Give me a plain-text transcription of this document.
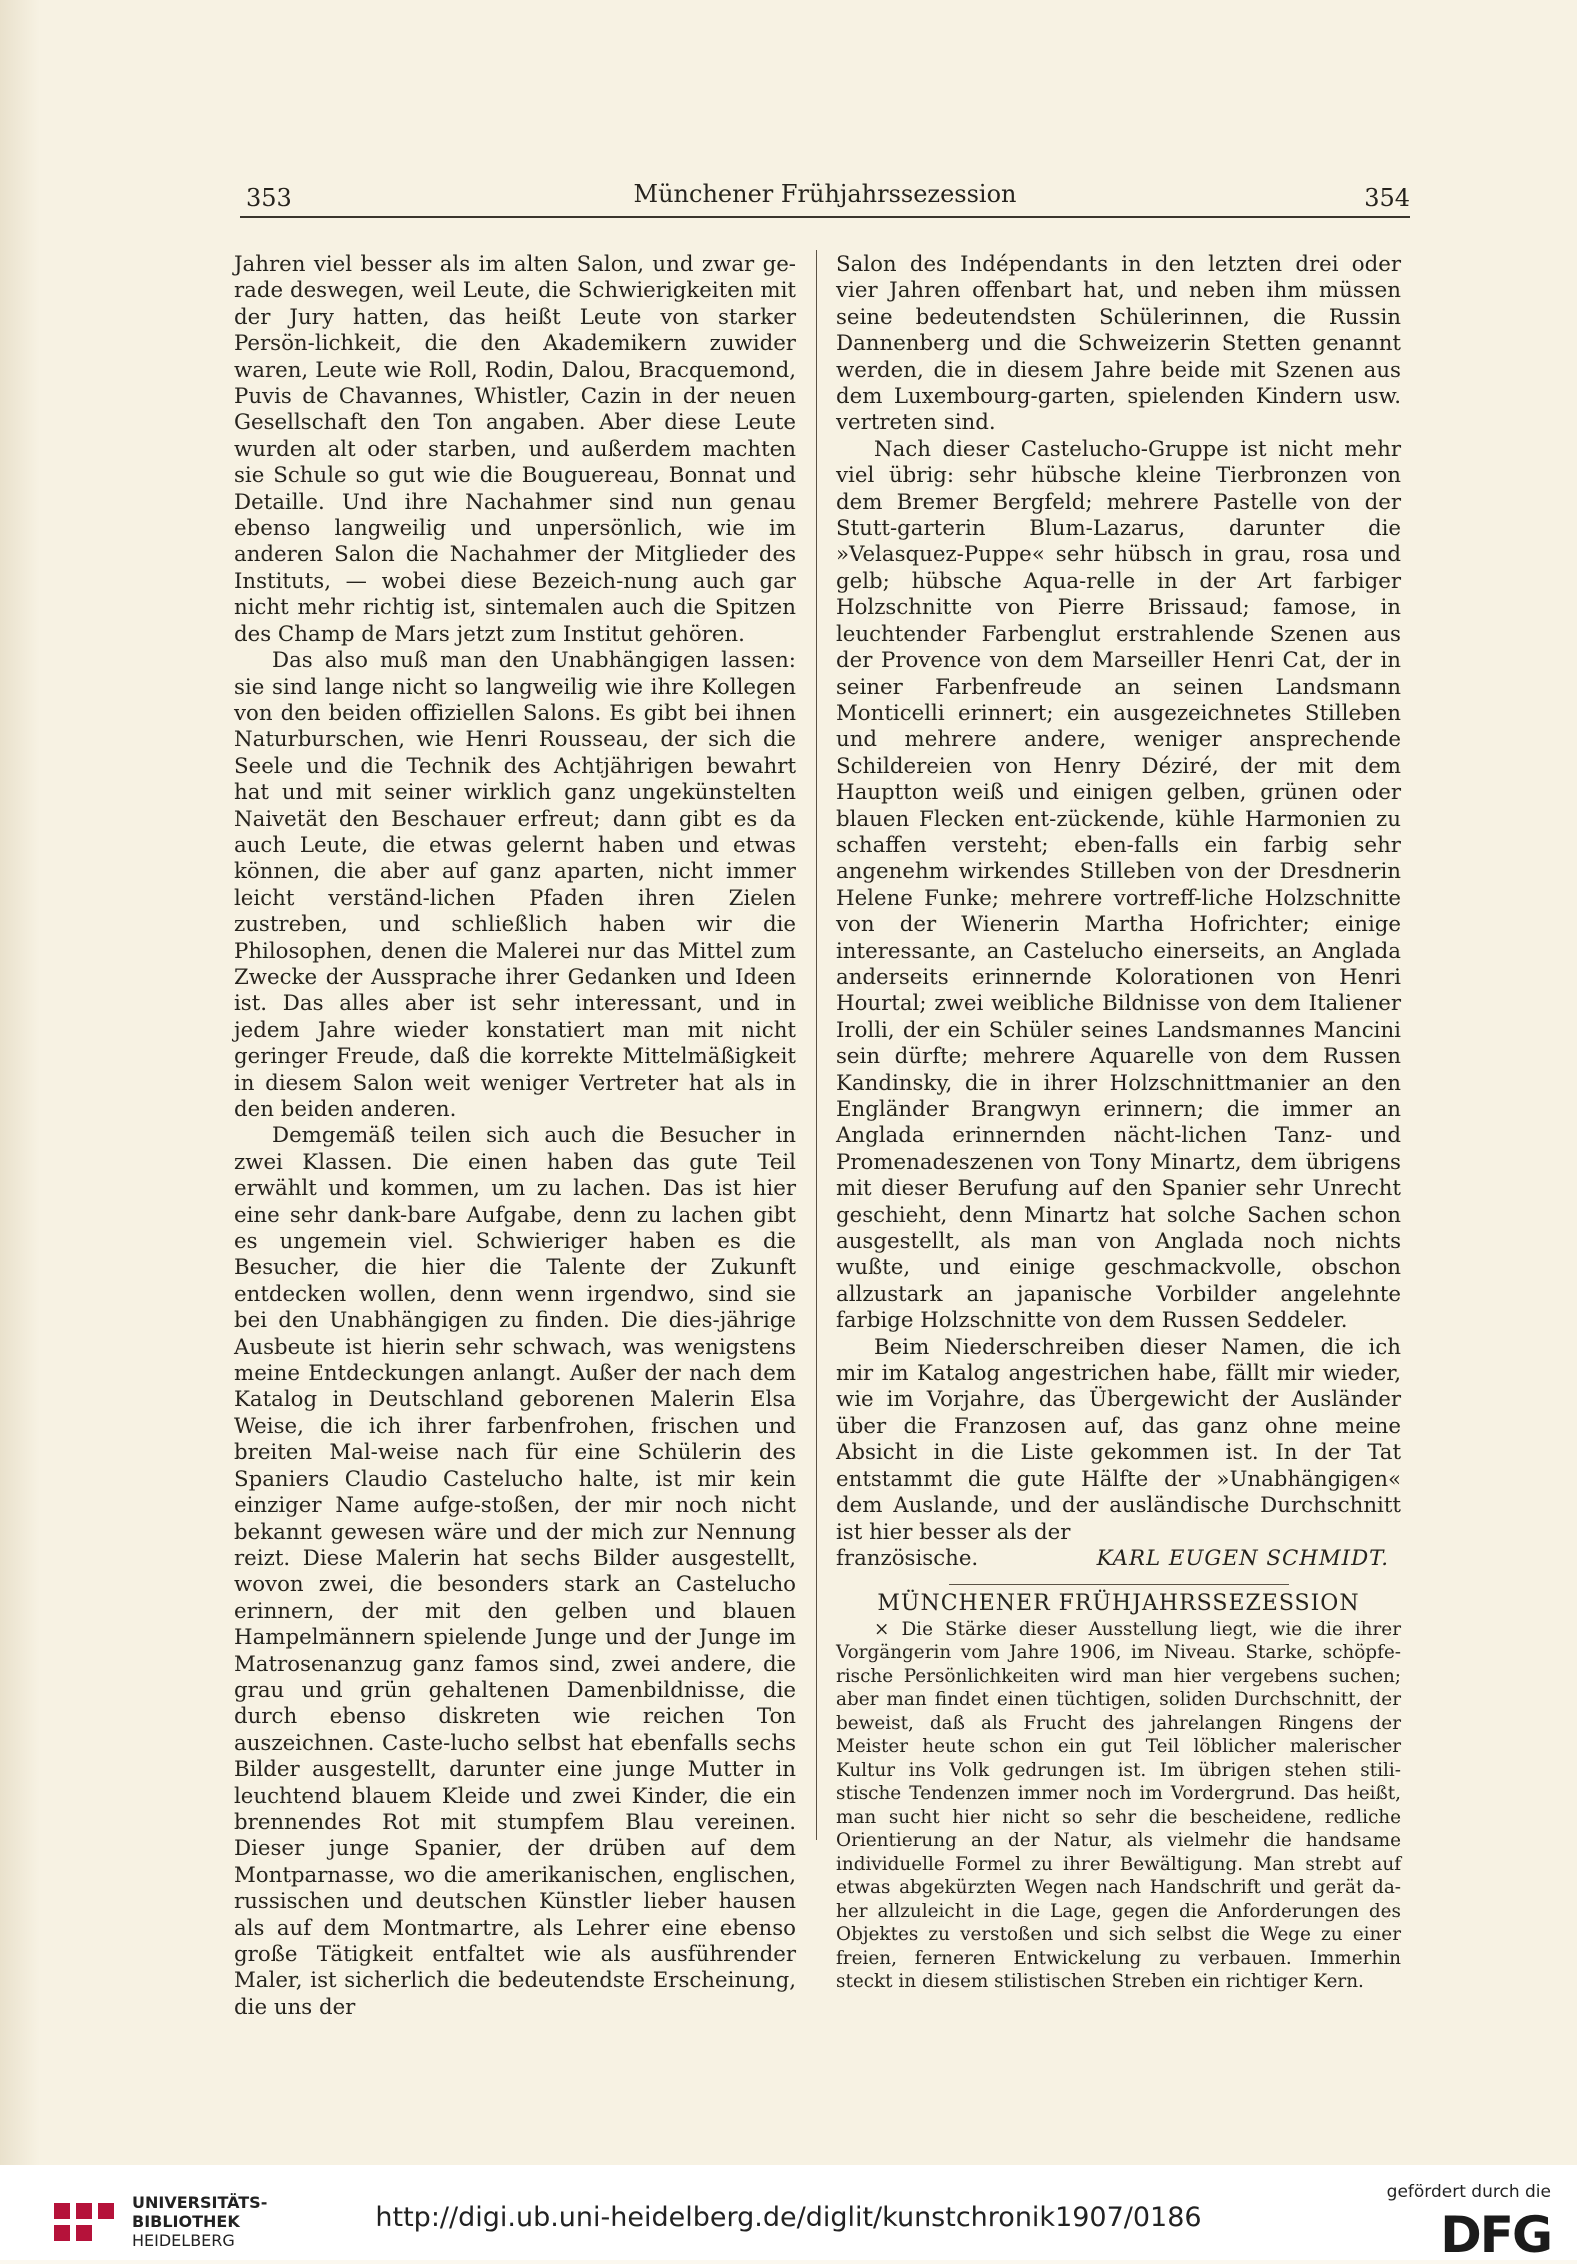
353	Münchener Frühjahrssezession	354

Jahren viel besser als im alten Salon, und zwar ge-rade deswegen, weil Leute, die Schwierigkeiten mit der Jury hatten, das heißt Leute von starker Persön-lichkeit, die den Akademikern zuwider waren, Leute wie Roll, Rodin, Dalou, Bracquemond, Puvis de Chavannes, Whistler, Cazin in der neuen Gesellschaft den Ton angaben. Aber diese Leute wurden alt oder starben, und außerdem machten sie Schule so gut wie die Bouguereau, Bonnat und Detaille. Und ihre Nachahmer sind nun genau ebenso langweilig und unpersönlich, wie im anderen Salon die Nachahmer der Mitglieder des Instituts, — wobei diese Bezeich-nung auch gar nicht mehr richtig ist, sintemalen auch die Spitzen des Champ de Mars jetzt zum Institut gehören.

Das also muß man den Unabhängigen lassen: sie sind lange nicht so langweilig wie ihre Kollegen von den beiden offiziellen Salons. Es gibt bei ihnen Naturburschen, wie Henri Rousseau, der sich die Seele und die Technik des Achtjährigen bewahrt hat und mit seiner wirklich ganz ungekünstelten Naivetät den Beschauer erfreut; dann gibt es da auch Leute, die etwas gelernt haben und etwas können, die aber auf ganz aparten, nicht immer leicht verständ-lichen Pfaden ihren Zielen zustreben, und schließlich haben wir die Philosophen, denen die Malerei nur das Mittel zum Zwecke der Aussprache ihrer Gedanken und Ideen ist. Das alles aber ist sehr interessant, und in jedem Jahre wieder konstatiert man mit nicht geringer Freude, daß die korrekte Mittelmäßigkeit in diesem Salon weit weniger Vertreter hat als in den beiden anderen.

Demgemäß teilen sich auch die Besucher in zwei Klassen. Die einen haben das gute Teil erwählt und kommen, um zu lachen. Das ist hier eine sehr dank-bare Aufgabe, denn zu lachen gibt es ungemein viel. Schwieriger haben es die Besucher, die hier die Talente der Zukunft entdecken wollen, denn wenn irgendwo, sind sie bei den Unabhängigen zu finden. Die dies-jährige Ausbeute ist hierin sehr schwach, was wenigstens meine Entdeckungen anlangt. Außer der nach dem Katalog in Deutschland geborenen Malerin Elsa Weise, die ich ihrer farbenfrohen, frischen und breiten Mal-weise nach für eine Schülerin des Spaniers Claudio Castelucho halte, ist mir kein einziger Name aufge-stoßen, der mir noch nicht bekannt gewesen wäre und der mich zur Nennung reizt. Diese Malerin hat sechs Bilder ausgestellt, wovon zwei, die besonders stark an Castelucho erinnern, der mit den gelben und blauen Hampelmännern spielende Junge und der Junge im Matrosenanzug ganz famos sind, zwei andere, die grau und grün gehaltenen Damenbildnisse, die durch ebenso diskreten wie reichen Ton auszeichnen. Caste-lucho selbst hat ebenfalls sechs Bilder ausgestellt, darunter eine junge Mutter in leuchtend blauem Kleide und zwei Kinder, die ein brennendes Rot mit stumpfem Blau vereinen. Dieser junge Spanier, der drüben auf dem Montparnasse, wo die amerikanischen, englischen, russischen und deutschen Künstler lieber hausen als auf dem Montmartre, als Lehrer eine ebenso große Tätigkeit entfaltet wie als ausführender Maler, ist sicherlich die bedeutendste Erscheinung, die uns der

Salon des Indépendants in den letzten drei oder vier Jahren offenbart hat, und neben ihm müssen seine bedeutendsten Schülerinnen, die Russin Dannenberg und die Schweizerin Stetten genannt werden, die in diesem Jahre beide mit Szenen aus dem Luxembourg-garten, spielenden Kindern usw. vertreten sind.

Nach dieser Castelucho-Gruppe ist nicht mehr viel übrig: sehr hübsche kleine Tierbronzen von dem Bremer Bergfeld; mehrere Pastelle von der Stutt-garterin Blum-Lazarus, darunter die »Velasquez-Puppe« sehr hübsch in grau, rosa und gelb; hübsche Aqua-relle in der Art farbiger Holzschnitte von Pierre Brissaud; famose, in leuchtender Farbenglut erstrahlende Szenen aus der Provence von dem Marseiller Henri Cat, der in seiner Farbenfreude an seinen Landsmann Monticelli erinnert; ein ausgezeichnetes Stilleben und mehrere andere, weniger ansprechende Schildereien von Henry Déziré, der mit dem Hauptton weiß und einigen gelben, grünen oder blauen Flecken ent-zückende, kühle Harmonien zu schaffen versteht; eben-falls ein farbig sehr angenehm wirkendes Stilleben von der Dresdnerin Helene Funke; mehrere vortreff-liche Holzschnitte von der Wienerin Martha Hofrichter; einige interessante, an Castelucho einerseits, an Anglada anderseits erinnernde Kolorationen von Henri Hourtal; zwei weibliche Bildnisse von dem Italiener Irolli, der ein Schüler seines Landsmannes Mancini sein dürfte; mehrere Aquarelle von dem Russen Kandinsky, die in ihrer Holzschnittmanier an den Engländer Brangwyn erinnern; die immer an Anglada erinnernden nächt-lichen Tanz- und Promenadeszenen von Tony Minartz, dem übrigens mit dieser Berufung auf den Spanier sehr Unrecht geschieht, denn Minartz hat solche Sachen schon ausgestellt, als man von Anglada noch nichts wußte, und einige geschmackvolle, obschon allzustark an japanische Vorbilder angelehnte farbige Holzschnitte von dem Russen Seddeler.

Beim Niederschreiben dieser Namen, die ich mir im Katalog angestrichen habe, fällt mir wieder, wie im Vorjahre, das Übergewicht der Ausländer über die Franzosen auf, das ganz ohne meine Absicht in die Liste gekommen ist. In der Tat entstammt die gute Hälfte der »Unabhängigen« dem Auslande, und der ausländische Durchschnitt ist hier besser als der

französische.	KARL EUGEN SCHMIDT.

MÜNCHENER FRÜHJAHRSSEZESSION

× Die Stärke dieser Ausstellung liegt, wie die ihrer Vorgängerin vom Jahre 1906, im Niveau. Starke, schöpfe-rische Persönlichkeiten wird man hier vergebens suchen; aber man findet einen tüchtigen, soliden Durchschnitt, der beweist, daß als Frucht des jahrelangen Ringens der Meister heute schon ein gut Teil löblicher malerischer Kultur ins Volk gedrungen ist. Im übrigen stehen stili-stische Tendenzen immer noch im Vordergrund. Das heißt, man sucht hier nicht so sehr die bescheidene, redliche Orientierung an der Natur, als vielmehr die handsame individuelle Formel zu ihrer Bewältigung. Man strebt auf etwas abgekürzten Wegen nach Handschrift und gerät da-her allzuleicht in die Lage, gegen die Anforderungen des Objektes zu verstoßen und sich selbst die Wege zu einer freien, ferneren Entwickelung zu verbauen. Immerhin steckt in diesem stilistischen Streben ein richtiger Kern.

UNIVERSITÄTS-
BIBLIOTHEK
HEIDELBERG
http://digi.ub.uni-heidelberg.de/diglit/kunstchronik1907/0186
gefördert durch die
DFG
